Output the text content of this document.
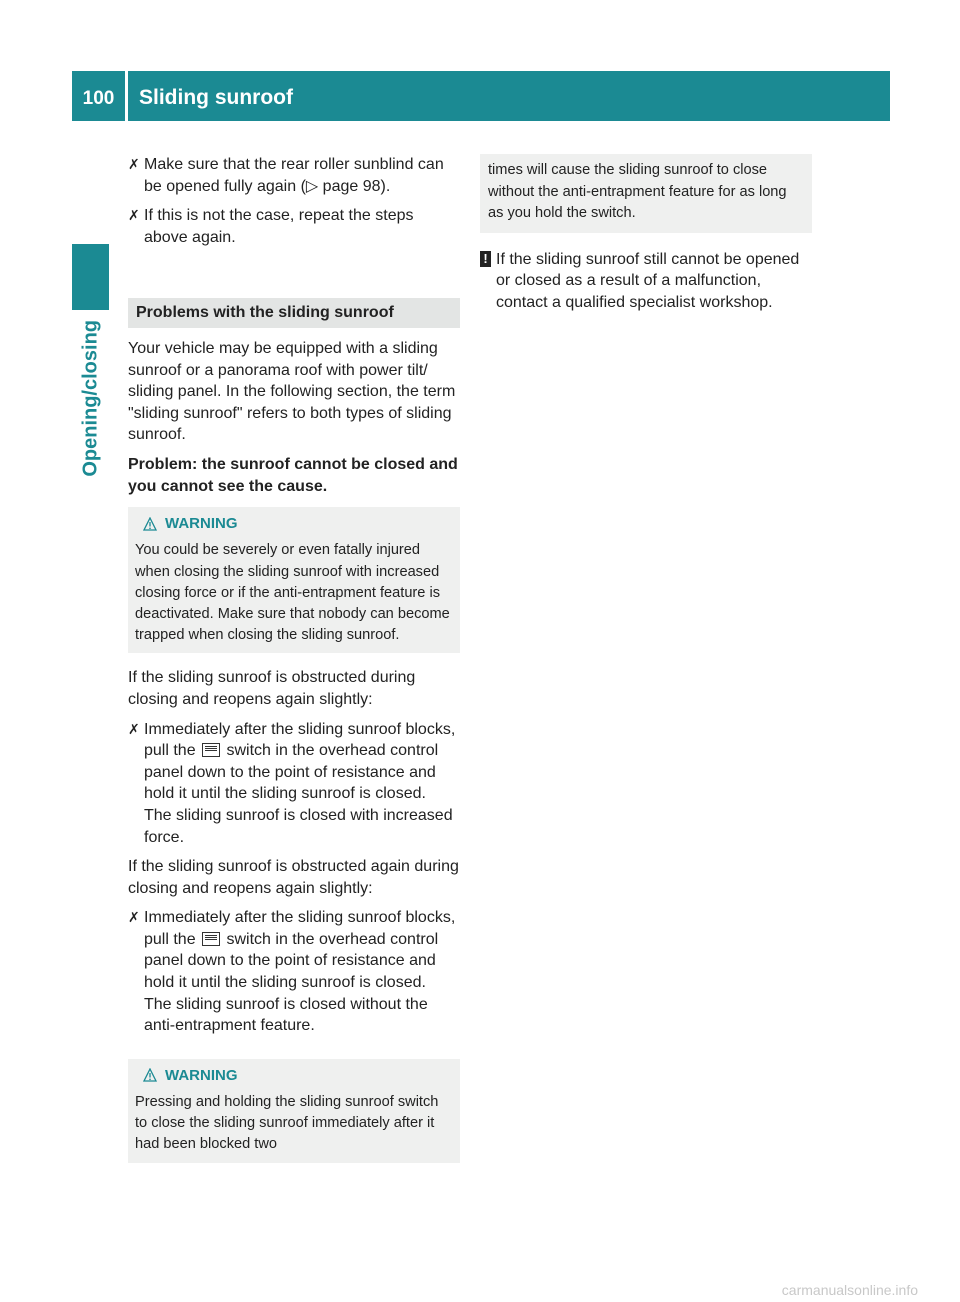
100	Sliding sunroof
Opening/closing
✗ Make sure that the rear roller sunblind can be opened fully again (▷ page 98).
✗ If this is not the case, repeat the steps above again.
Problems with the sliding sunroof

Your vehicle may be equipped with a sliding sunroof or a panorama roof with power tilt/ sliding panel. In the following section, the term "sliding sunroof" refers to both types of sliding sunroof.

Problem: the sunroof cannot be closed and you cannot see the cause.

WARNING
You could be severely or even fatally injured when closing the sliding sunroof with increased closing force or if the anti-entrapment feature is deactivated. Make sure that nobody can become trapped when closing the sliding sunroof.

If the sliding sunroof is obstructed during closing and reopens again slightly:

✗ Immediately after the sliding sunroof blocks, pull the  switch in the overhead control panel down to the point of resistance and hold it until the sliding sunroof is closed.
The sliding sunroof is closed with increased force.

If the sliding sunroof is obstructed again during closing and reopens again slightly:

✗ Immediately after the sliding sunroof blocks, pull the  switch in the overhead control panel down to the point of resistance and hold it until the sliding sunroof is closed.
The sliding sunroof is closed without the anti-entrapment feature.
WARNING
Pressing and holding the sliding sunroof switch to close the sliding sunroof immediately after it had been blocked two
times will cause the sliding sunroof to close without the anti-entrapment feature for as long as you hold the switch.
! If the sliding sunroof still cannot be opened or closed as a result of a malfunction, contact a qualified specialist workshop.
carmanualsonline.info
